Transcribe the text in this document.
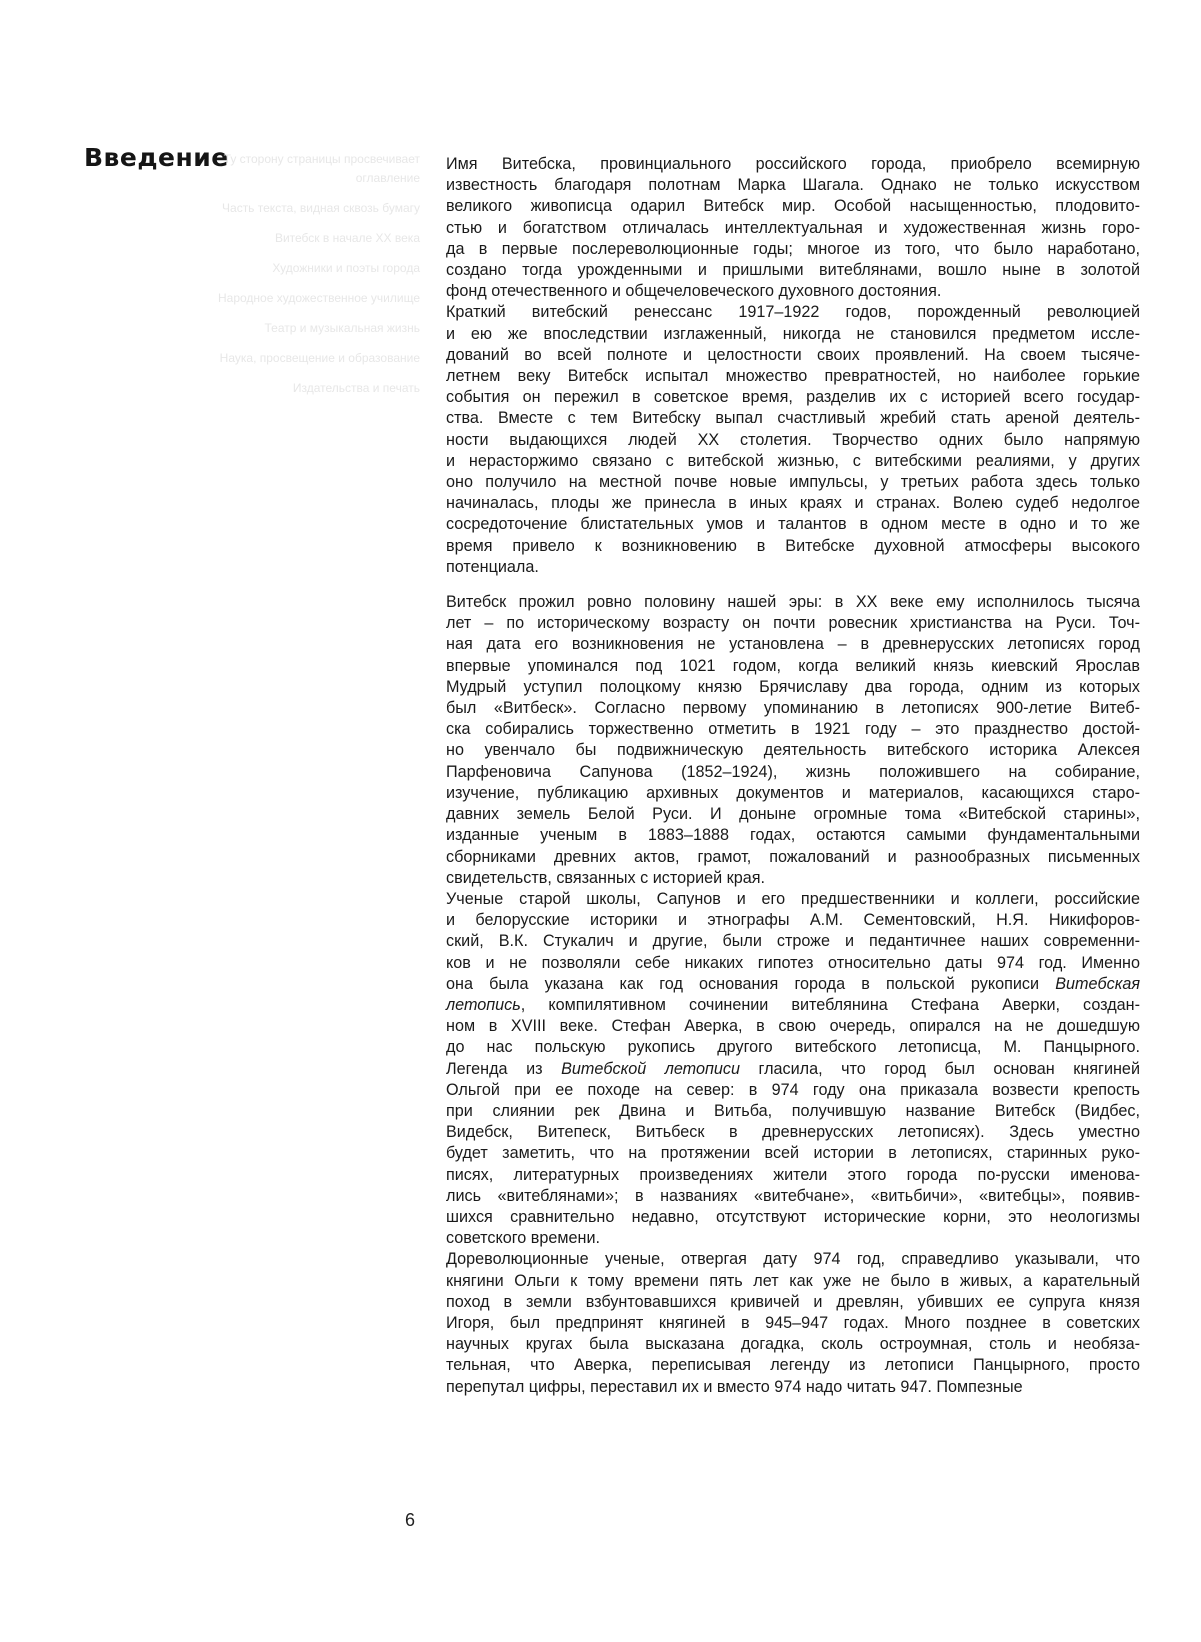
Введение

Ту сторону страницы просвечивает оглавление

Часть текста, видная сквозь бумагу

Витебск в начале ХХ века

Художники и поэты города

Народное художественное училище

Театр и музыкальная жизнь

Наука, просвещение и образование

Издательства и печать

Имя Витебска, провинциального российского города, приобрело всемирную
известность благодаря полотнам Марка Шагала. Однако не только искусством
великого живописца одарил Витебск мир. Особой насыщенностью, плодовито-
стью и богатством отличалась интеллектуальная и художественная жизнь горо-
да в первые послереволюционные годы; многое из того, что было наработано,
создано тогда урожденными и пришлыми витеблянами, вошло ныне в золотой
фонд отечественного и общечеловеческого духовного достояния.
Краткий витебский ренессанс 1917–1922 годов, порожденный революцией
и ею же впоследствии изглаженный, никогда не становился предметом иссле-
дований во всей полноте и целостности своих проявлений. На своем тысяче-
летнем веку Витебск испытал множество превратностей, но наиболее горькие
события он пережил в советское время, разделив их с историей всего государ-
ства. Вместе с тем Витебску выпал счастливый жребий стать ареной деятель-
ности выдающихся людей XX столетия. Творчество одних было напрямую
и нерасторжимо связано с витебской жизнью, с витебскими реалиями, у других
оно получило на местной почве новые импульсы, у третьих работа здесь только
начиналась, плоды же принесла в иных краях и странах. Волею судеб недолгое
сосредоточение блистательных умов и талантов в одном месте в одно и то же
время привело к возникновению в Витебске духовной атмосферы высокого
потенциала.
Витебск прожил ровно половину нашей эры: в XX веке ему исполнилось тысяча
лет – по историческому возрасту он почти ровесник христианства на Руси. Точ-
ная дата его возникновения не установлена – в древнерусских летописях город
впервые упоминался под 1021 годом, когда великий князь киевский Ярослав
Мудрый уступил полоцкому князю Брячиславу два города, одним из которых
был «Витбеск». Согласно первому упоминанию в летописях 900-летие Витеб-
ска собирались торжественно отметить в 1921 году – это празднество достой-
но увенчало бы подвижническую деятельность витебского историка Алексея
Парфеновича Сапунова (1852–1924), жизнь положившего на собирание,
изучение, публикацию архивных документов и материалов, касающихся старо-
давних земель Белой Руси. И доныне огромные тома «Витебской старины»,
изданные ученым в 1883–1888 годах, остаются самыми фундаментальными
сборниками древних актов, грамот, пожалований и разнообразных письменных
свидетельств, связанных с историей края.
Ученые старой школы, Сапунов и его предшественники и коллеги, российские
и белорусские историки и этнографы А.М. Сементовский, Н.Я. Никифоров-
ский, В.К. Стукалич и другие, были строже и педантичнее наших современни-
ков и не позволяли себе никаких гипотез относительно даты 974 год. Именно
она была указана как год основания города в польской рукописи Витебская
летопись, компилятивном сочинении витеблянина Стефана Аверки, создан-
ном в XVIII веке. Стефан Аверка, в свою очередь, опирался на не дошедшую
до нас польскую рукопись другого витебского летописца, М. Панцырного.
Легенда из Витебской летописи гласила, что город был основан княгиней
Ольгой при ее походе на север: в 974 году она приказала возвести крепость
при слиянии рек Двина и Витьба, получившую название Витебск (Видбес,
Видебск, Витепеск, Витьбеск в древнерусских летописях). Здесь уместно
будет заметить, что на протяжении всей истории в летописях, старинных руко-
писях, литературных произведениях жители этого города по-русски именова-
лись «витеблянами»; в названиях «витебчане», «витьбичи», «витебцы», появив-
шихся сравнительно недавно, отсутствуют исторические корни, это неологизмы
советского времени.
Дореволюционные ученые, отвергая дату 974 год, справедливо указывали, что
княгини Ольги к тому времени пять лет как уже не было в живых, а карательный
поход в земли взбунтовавшихся кривичей и древлян, убивших ее супруга князя
Игоря, был предпринят княгиней в 945–947 годах. Много позднее в советских
научных кругах была высказана догадка, сколь остроумная, столь и необяза-
тельная, что Аверка, переписывая легенду из летописи Панцырного, просто
перепутал цифры, переставил их и вместо 974 надо читать 947. Помпезные
6
